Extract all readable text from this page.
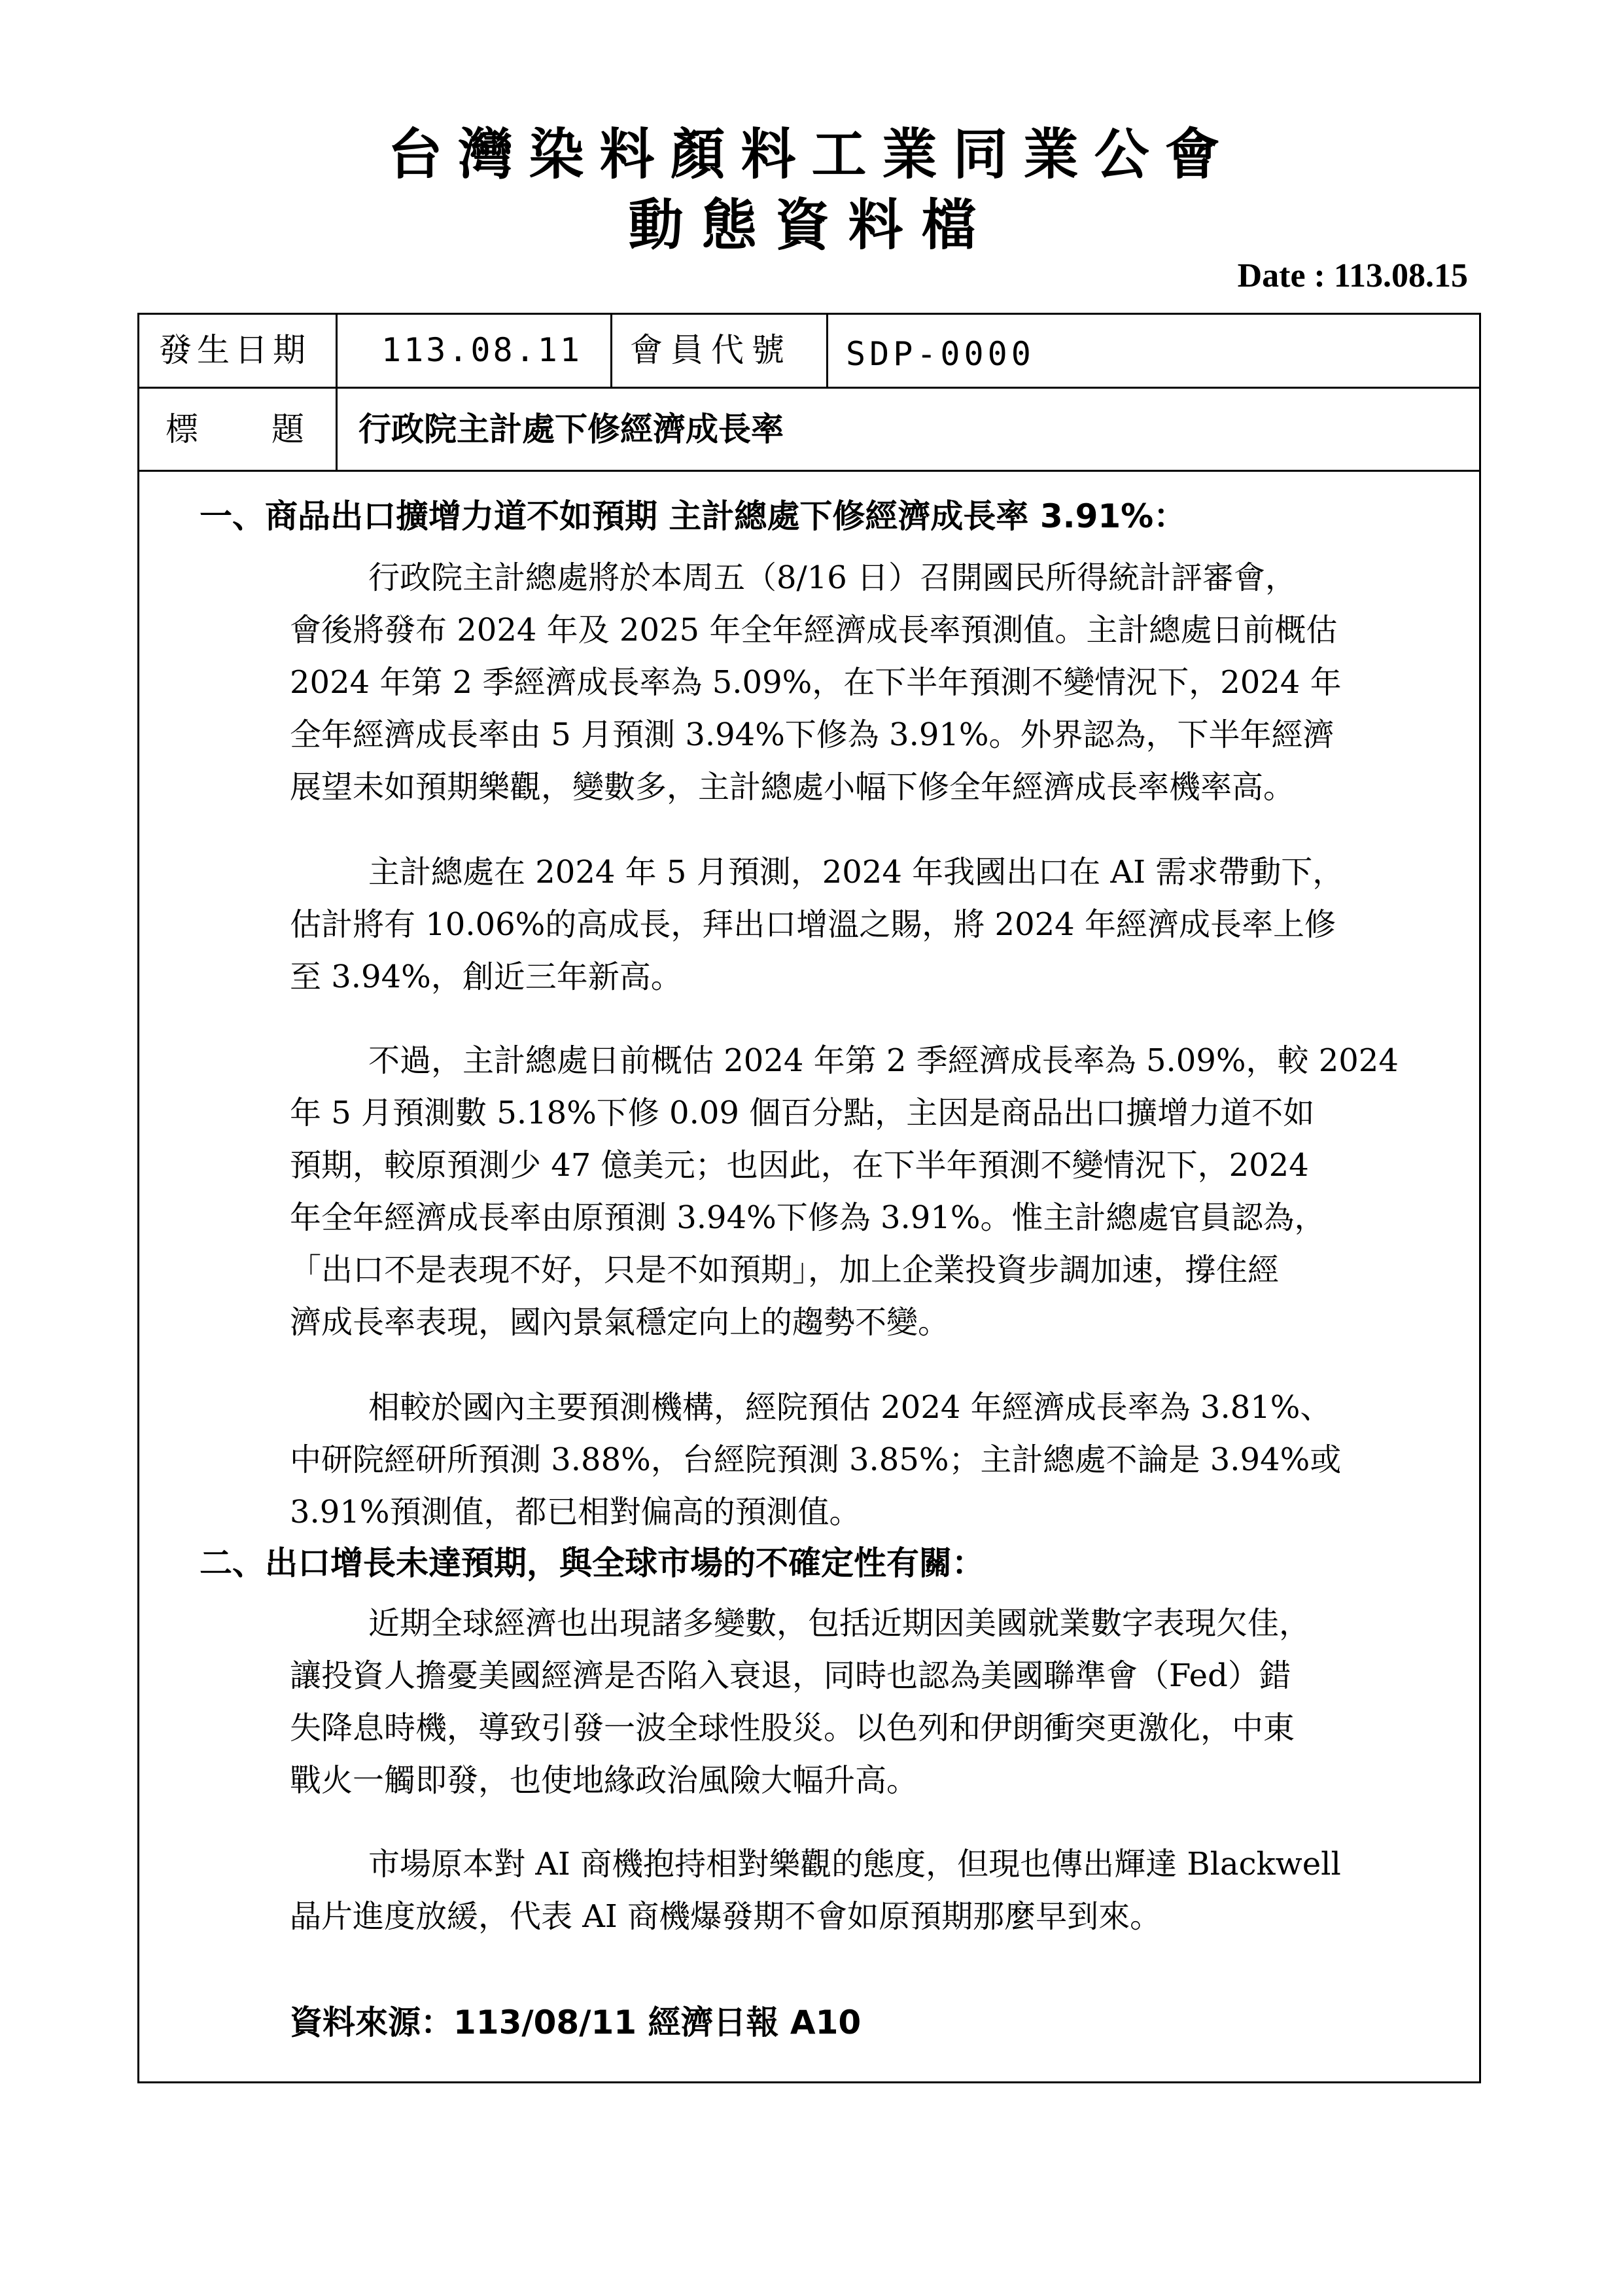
台灣染料顏料工業同業公會
動態資料檔
Date : 113.08.15
發生日期 113.08.11 會員代號 SDP-0000
標　　題 行政院主計處下修經濟成長率
一、商品出口擴增力道不如預期 主計總處下修經濟成長率 3.91%：
行政院主計總處將於本周五（8/16 日）召開國民所得統計評審會，
會後將發布 2024 年及 2025 年全年經濟成長率預測值。主計總處日前概估
2024 年第 2 季經濟成長率為 5.09%，在下半年預測不變情況下，2024 年
全年經濟成長率由 5 月預測 3.94%下修為 3.91%。外界認為，下半年經濟
展望未如預期樂觀，變數多，主計總處小幅下修全年經濟成長率機率高。
主計總處在 2024 年 5 月預測，2024 年我國出口在 AI 需求帶動下，
估計將有 10.06%的高成長，拜出口增溫之賜，將 2024 年經濟成長率上修
至 3.94%，創近三年新高。
不過，主計總處日前概估 2024 年第 2 季經濟成長率為 5.09%，較 2024
年 5 月預測數 5.18%下修 0.09 個百分點，主因是商品出口擴增力道不如
預期，較原預測少 47 億美元；也因此，在下半年預測不變情況下，2024
年全年經濟成長率由原預測 3.94%下修為 3.91%。惟主計總處官員認為，
「出口不是表現不好，只是不如預期」，加上企業投資步調加速，撐住經
濟成長率表現，國內景氣穩定向上的趨勢不變。
相較於國內主要預測機構，經院預估 2024 年經濟成長率為 3.81%、
中研院經研所預測 3.88%，台經院預測 3.85%；主計總處不論是 3.94%或
3.91%預測值，都已相對偏高的預測值。
二、出口增長未達預期，與全球市場的不確定性有關：
近期全球經濟也出現諸多變數，包括近期因美國就業數字表現欠佳，
讓投資人擔憂美國經濟是否陷入衰退，同時也認為美國聯準會（Fed）錯
失降息時機，導致引發一波全球性股災。以色列和伊朗衝突更激化，中東
戰火一觸即發，也使地緣政治風險大幅升高。
市場原本對 AI 商機抱持相對樂觀的態度，但現也傳出輝達 Blackwell
晶片進度放緩，代表 AI 商機爆發期不會如原預期那麼早到來。
資料來源：113/08/11 經濟日報 A10
